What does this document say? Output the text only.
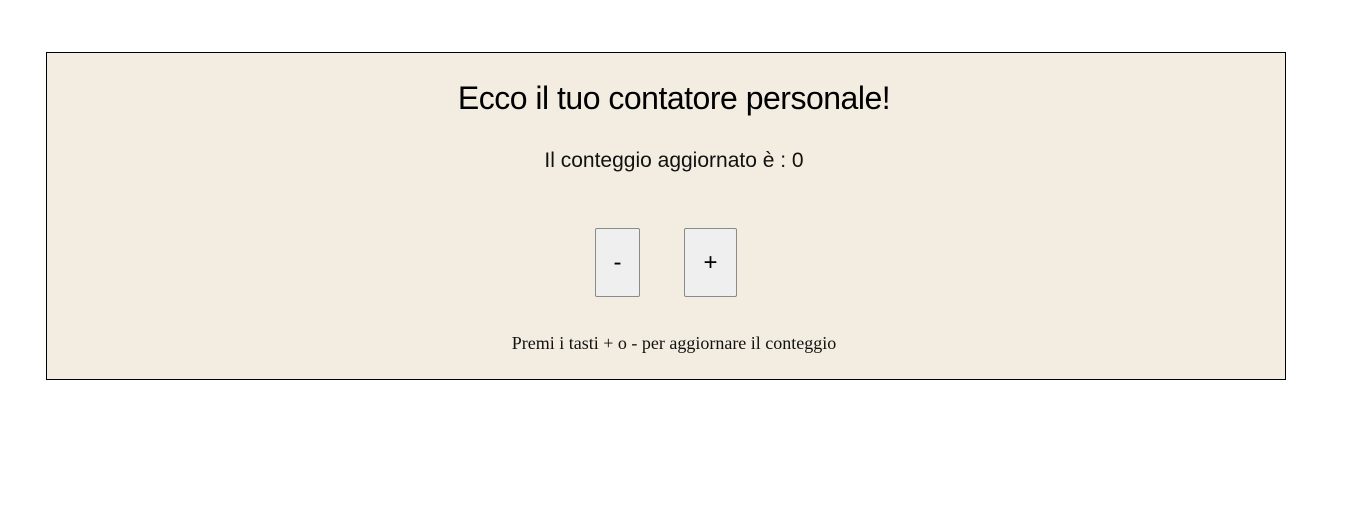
Ecco il tuo contatore personale!
Il conteggio aggiornato è : 0
-	+
Premi i tasti + o - per aggiornare il conteggio
